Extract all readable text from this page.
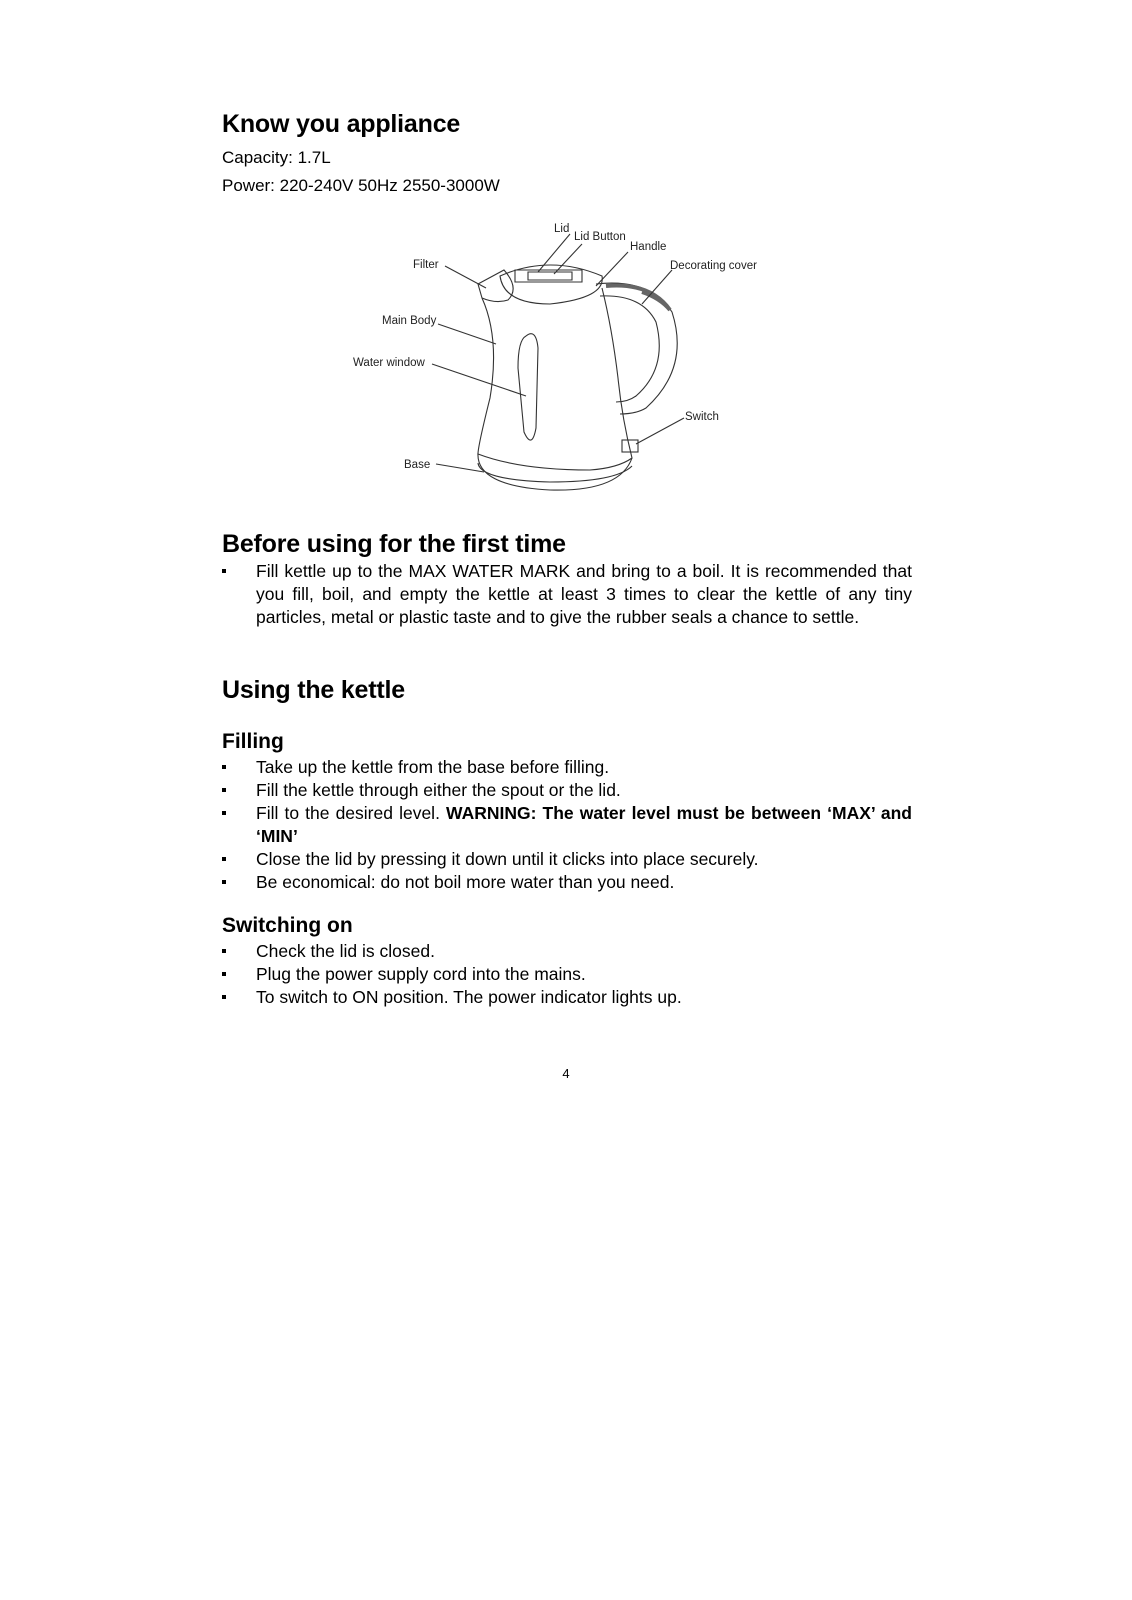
Know you appliance

Capacity: 1.7L

Power: 220-240V 50Hz 2550-3000W

Before using for the first time
Fill kettle up to the MAX WATER MARK and bring to a boil. It is recommended that you fill, boil, and empty the kettle at least 3 times to clear the kettle of any tiny particles, metal or plastic taste and to give the rubber seals a chance to settle.
Using the kettle
Filling
Take up the kettle from the base before filling.
Fill the kettle through either the spout or the lid.
Fill to the desired level. WARNING: The water level must be between ‘MAX’ and ‘MIN’
Close the lid by pressing it down until it clicks into place securely.
Be economical: do not boil more water than you need.
Switching on
Check the lid is closed.
Plug the power supply cord into the mains.
To switch to ON position. The power indicator lights up.
Lid
Lid Button
Handle
Decorating cover
Filter
Main Body
Water window
Switch
Base
4
